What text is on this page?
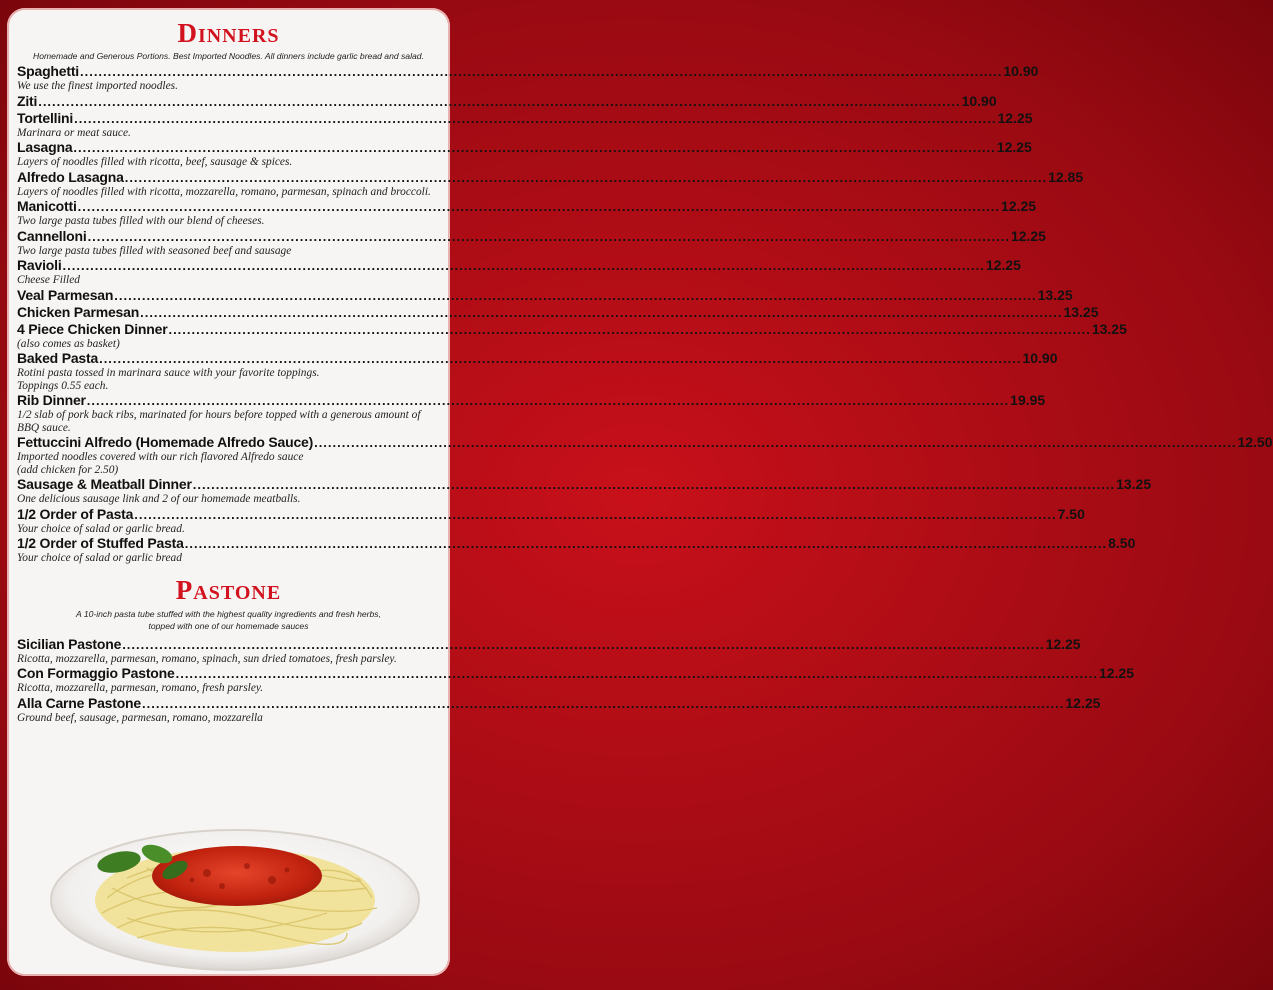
DINNERS
Homemade and Generous Portions. Best Imported Noodles. All dinners include garlic bread and salad.
Spaghetti ........................................................................................................................................................................................................ 10.90
We use the finest imported noodles.
Ziti ........................................................................................................................................................................................................ 10.90
Tortellini ........................................................................................................................................................................................................ 12.25
Marinara or meat sauce.
Lasagna ........................................................................................................................................................................................................ 12.25
Layers of noodles filled with ricotta, beef, sausage & spices.
Alfredo Lasagna ........................................................................................................................................................................................................ 12.85
Layers of noodles filled with ricotta, mozzarella, romano, parmesan, spinach and broccoli.
Manicotti ........................................................................................................................................................................................................ 12.25
Two large pasta tubes filled with our blend of cheeses.
Cannelloni ........................................................................................................................................................................................................ 12.25
Two large pasta tubes filled with seasoned beef and sausage
Ravioli ........................................................................................................................................................................................................ 12.25
Cheese Filled
Veal Parmesan ........................................................................................................................................................................................................ 13.25
Chicken Parmesan ........................................................................................................................................................................................................ 13.25
4 Piece Chicken Dinner ........................................................................................................................................................................................................ 13.25
(also comes as basket)
Baked Pasta ........................................................................................................................................................................................................ 10.90
Rotini pasta tossed in marinara sauce with your favorite toppings.
Toppings 0.55 each.
Rib Dinner ........................................................................................................................................................................................................ 19.95
1/2 slab of pork back ribs, marinated for hours before topped with a generous amount of BBQ sauce.
Fettuccini Alfredo (Homemade Alfredo Sauce) ........................................................................................................................................................................................................ 12.50
Imported noodles covered with our rich flavored Alfredo sauce
(add chicken for 2.50)
Sausage & Meatball Dinner ........................................................................................................................................................................................................ 13.25
One delicious sausage link and 2 of our homemade meatballs.
1/2 Order of Pasta ........................................................................................................................................................................................................ 7.50
Your choice of salad or garlic bread.
1/2 Order of Stuffed Pasta ........................................................................................................................................................................................................ 8.50
Your choice of salad or garlic bread
PASTONE
A 10-inch pasta tube stuffed with the highest quality ingredients and fresh herbs,
topped with one of our homemade sauces
Sicilian Pastone ........................................................................................................................................................................................................ 12.25
Ricotta, mozzarella, parmesan, romano, spinach, sun dried tomatoes, fresh parsley.
Con Formaggio Pastone ........................................................................................................................................................................................................ 12.25
Ricotta, mozzarella, parmesan, romano, fresh parsley.
Alla Carne Pastone ........................................................................................................................................................................................................ 12.25
Ground beef, sausage, parmesan, romano, mozzarella
